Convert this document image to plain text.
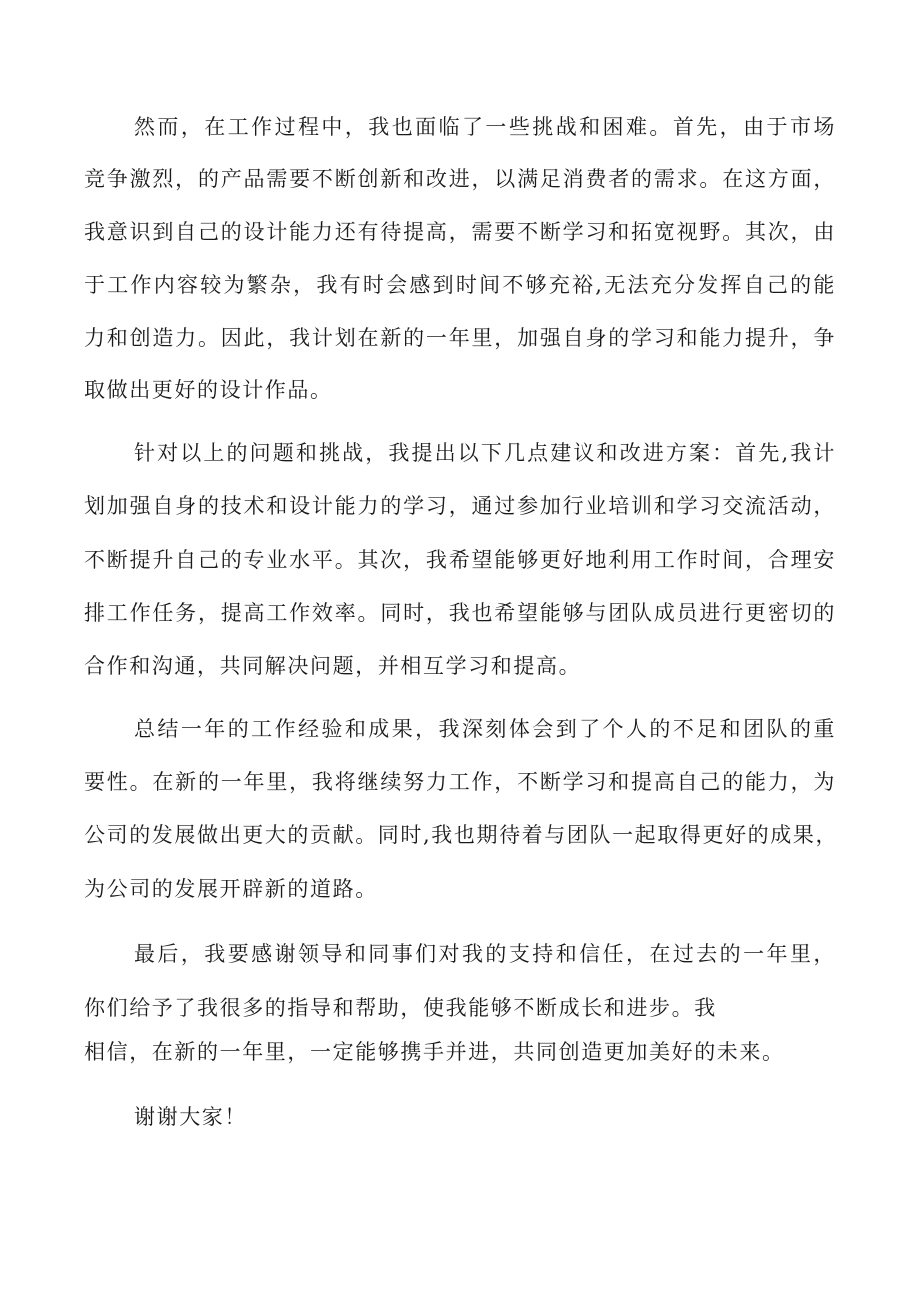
然而，在工作过程中，我也面临了一些挑战和困难。首先，由于市场
竞争激烈，的产品需要不断创新和改进，以满足消费者的需求。在这方面，
我意识到自己的设计能力还有待提高，需要不断学习和拓宽视野。其次，由
于工作内容较为繁杂，我有时会感到时间不够充裕,无法充分发挥自己的能
力和创造力。因此，我计划在新的一年里，加强自身的学习和能力提升，争
取做出更好的设计作品。
针对以上的问题和挑战，我提出以下几点建议和改进方案：首先,我计
划加强自身的技术和设计能力的学习，通过参加行业培训和学习交流活动，
不断提升自己的专业水平。其次，我希望能够更好地利用工作时间，合理安
排工作任务，提高工作效率。同时，我也希望能够与团队成员进行更密切的
合作和沟通，共同解决问题，并相互学习和提高。
总结一年的工作经验和成果，我深刻体会到了个人的不足和团队的重
要性。在新的一年里，我将继续努力工作，不断学习和提高自己的能力，为
公司的发展做出更大的贡献。同时,我也期待着与团队一起取得更好的成果，
为公司的发展开辟新的道路。
最后，我要感谢领导和同事们对我的支持和信任，在过去的一年里，
你们给予了我很多的指导和帮助，使我能够不断成长和进步。我
相信，在新的一年里，一定能够携手并进，共同创造更加美好的未来。
谢谢大家！
